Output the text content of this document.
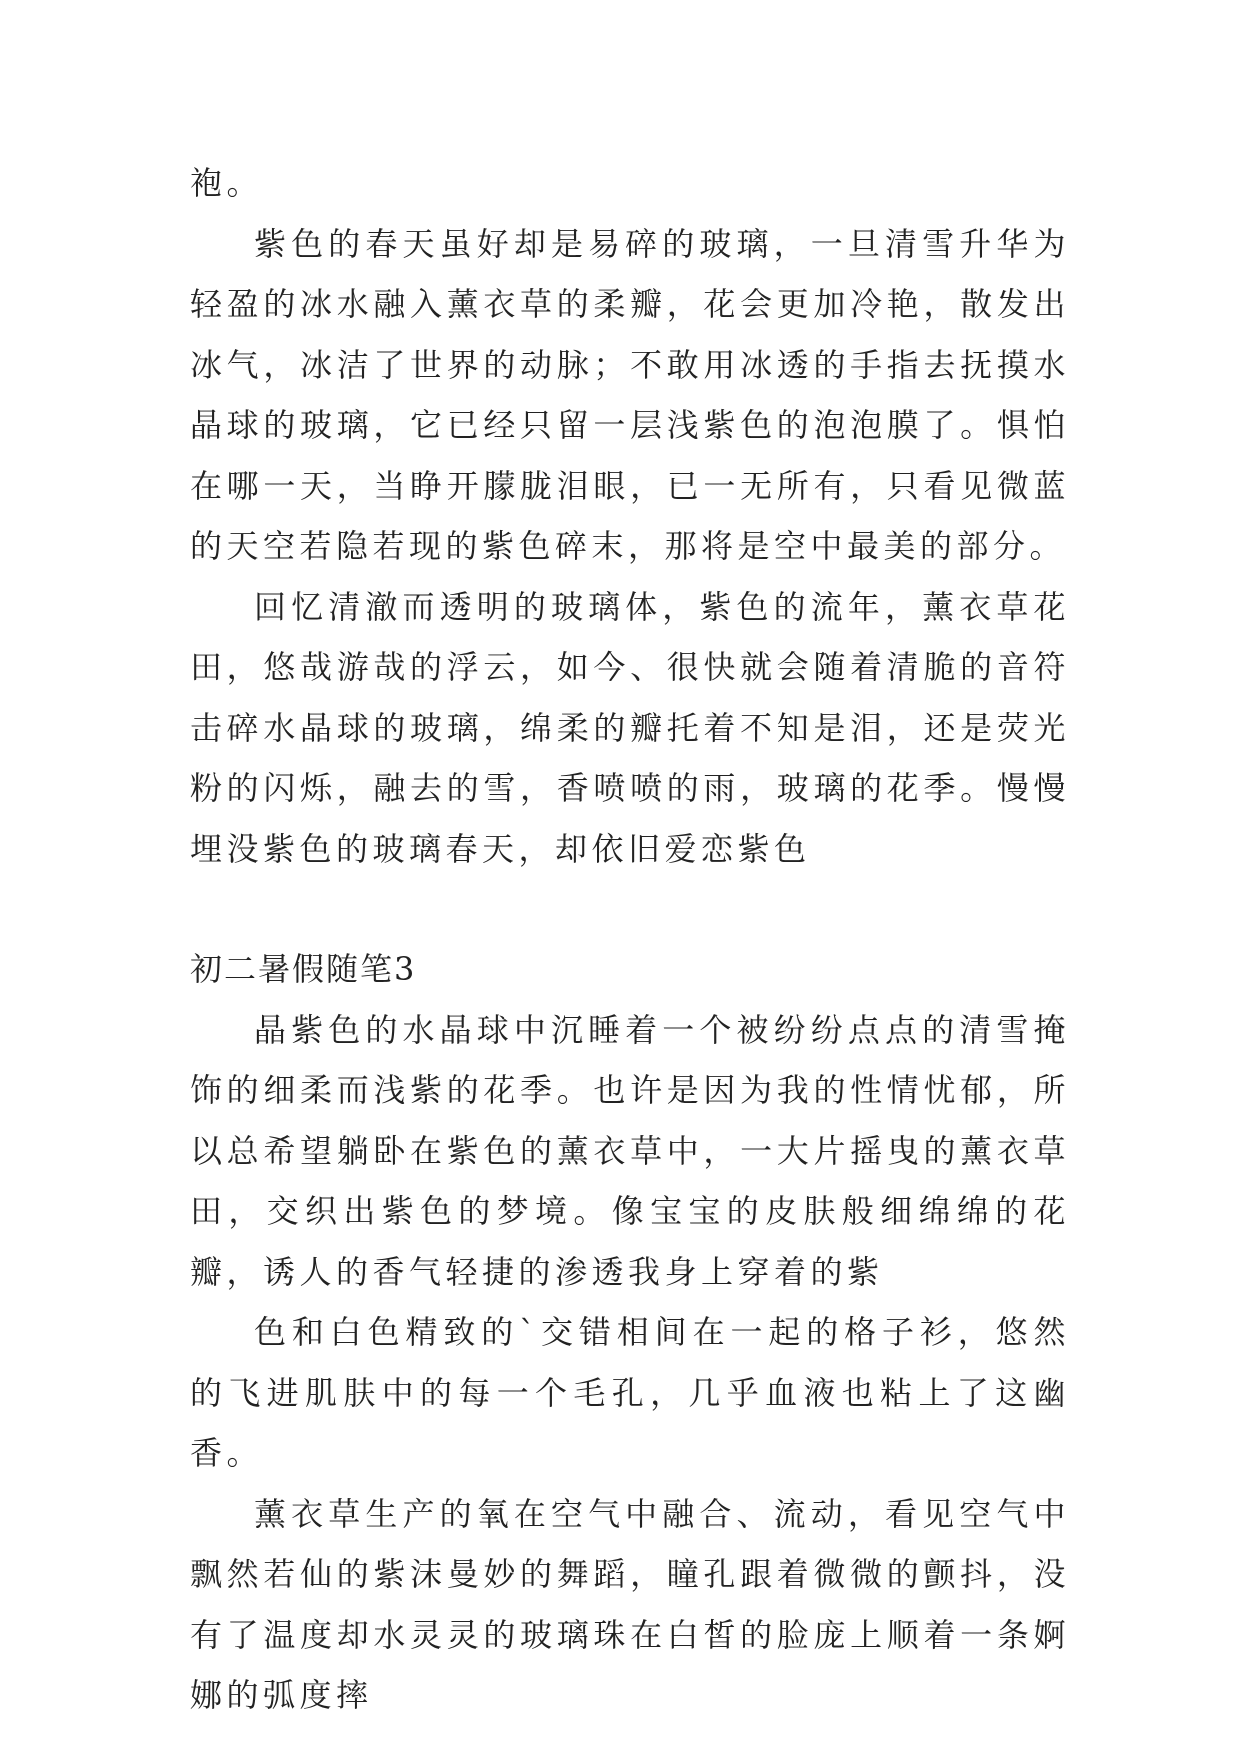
袍。

紫色的春天虽好却是易碎的玻璃，一旦清雪升华为轻盈的冰水融入薰衣草的柔瓣，花会更加冷艳，散发出冰气，冰洁了世界的动脉；不敢用冰透的手指去抚摸水晶球的玻璃，它已经只留一层浅紫色的泡泡膜了。惧怕在哪一天，当睁开朦胧泪眼，已一无所有，只看见微蓝的天空若隐若现的紫色碎末，那将是空中最美的部分。

回忆清澈而透明的玻璃体，紫色的流年，薰衣草花田，悠哉游哉的浮云，如今、很快就会随着清脆的音符击碎水晶球的玻璃，绵柔的瓣托着不知是泪，还是荧光粉的闪烁，融去的雪，香喷喷的雨，玻璃的花季。慢慢埋没紫色的玻璃春天，却依旧爱恋紫色

初二暑假随笔3

晶紫色的水晶球中沉睡着一个被纷纷点点的清雪掩饰的细柔而浅紫的花季。也许是因为我的性情忧郁，所以总希望躺卧在紫色的薰衣草中，一大片摇曳的薰衣草田，交织出紫色的梦境。像宝宝的皮肤般细绵绵的花瓣，诱人的香气轻捷的渗透我身上穿着的紫

色和白色精致的`交错相间在一起的格子衫，悠然的飞进肌肤中的每一个毛孔，几乎血液也粘上了这幽香。

薰衣草生产的氧在空气中融合、流动，看见空气中飘然若仙的紫沫曼妙的舞蹈，瞳孔跟着微微的颤抖，没有了温度却水灵灵的玻璃珠在白皙的脸庞上顺着一条婀娜的弧度摔
